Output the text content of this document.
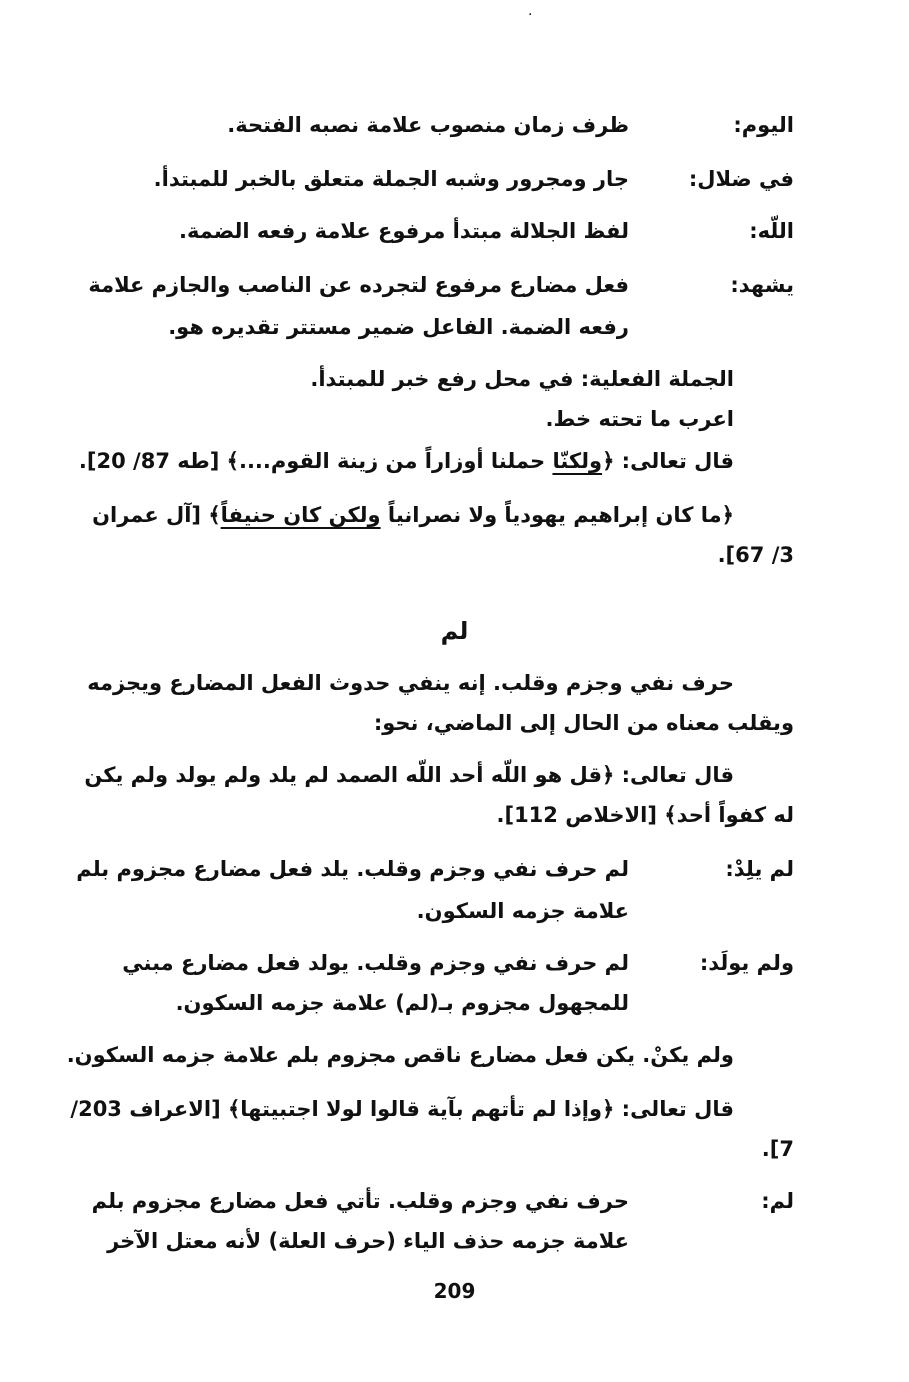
.
اليوم:
ظرف زمان منصوب علامة نصبه الفتحة.
في ضلال:
جار ومجرور وشبه الجملة متعلق بالخبر للمبتدأ.
اللّه:
لفظ الجلالة مبتدأ مرفوع علامة رفعه الضمة.
يشهد:
فعل مضارع مرفوع لتجرده عن الناصب والجازم علامة
رفعه الضمة. الفاعل ضمير مستتر تقديره هو.
الجملة الفعلية: في محل رفع خبر للمبتدأ.
اعرب ما تحته خط.
قال تعالى: ﴿ولكنّا حملنا أوزاراً من زينة القوم....﴾ [طه 87/ 20].
﴿ما كان إبراهيم يهودياً ولا نصرانياً ولكن كان حنيفاً﴾ [آل عمران
3/ 67].
لم
حرف نفي وجزم وقلب. إنه ينفي حدوث الفعل المضارع ويجزمه
ويقلب معناه من الحال إلى الماضي، نحو:
قال تعالى: ﴿قل هو اللّه أحد اللّه الصمد لم يلد ولم يولد ولم يكن
له كفواً أحد﴾ [الاخلاص 112].
لم يلِدْ:
لم حرف نفي وجزم وقلب. يلد فعل مضارع مجزوم بلم
علامة جزمه السكون.
ولم يولَد:
لم حرف نفي وجزم وقلب. يولد فعل مضارع مبني
للمجهول مجزوم بـ(لم) علامة جزمه السكون.
ولم يكنْ. يكن فعل مضارع ناقص مجزوم بلم علامة جزمه السكون.
قال تعالى: ﴿وإذا لم تأتهم بآية قالوا لولا اجتبيتها﴾ [الاعراف 203/
7].
لم:
حرف نفي وجزم وقلب. تأتي فعل مضارع مجزوم بلم
علامة جزمه حذف الياء (حرف العلة) لأنه معتل الآخر
209
